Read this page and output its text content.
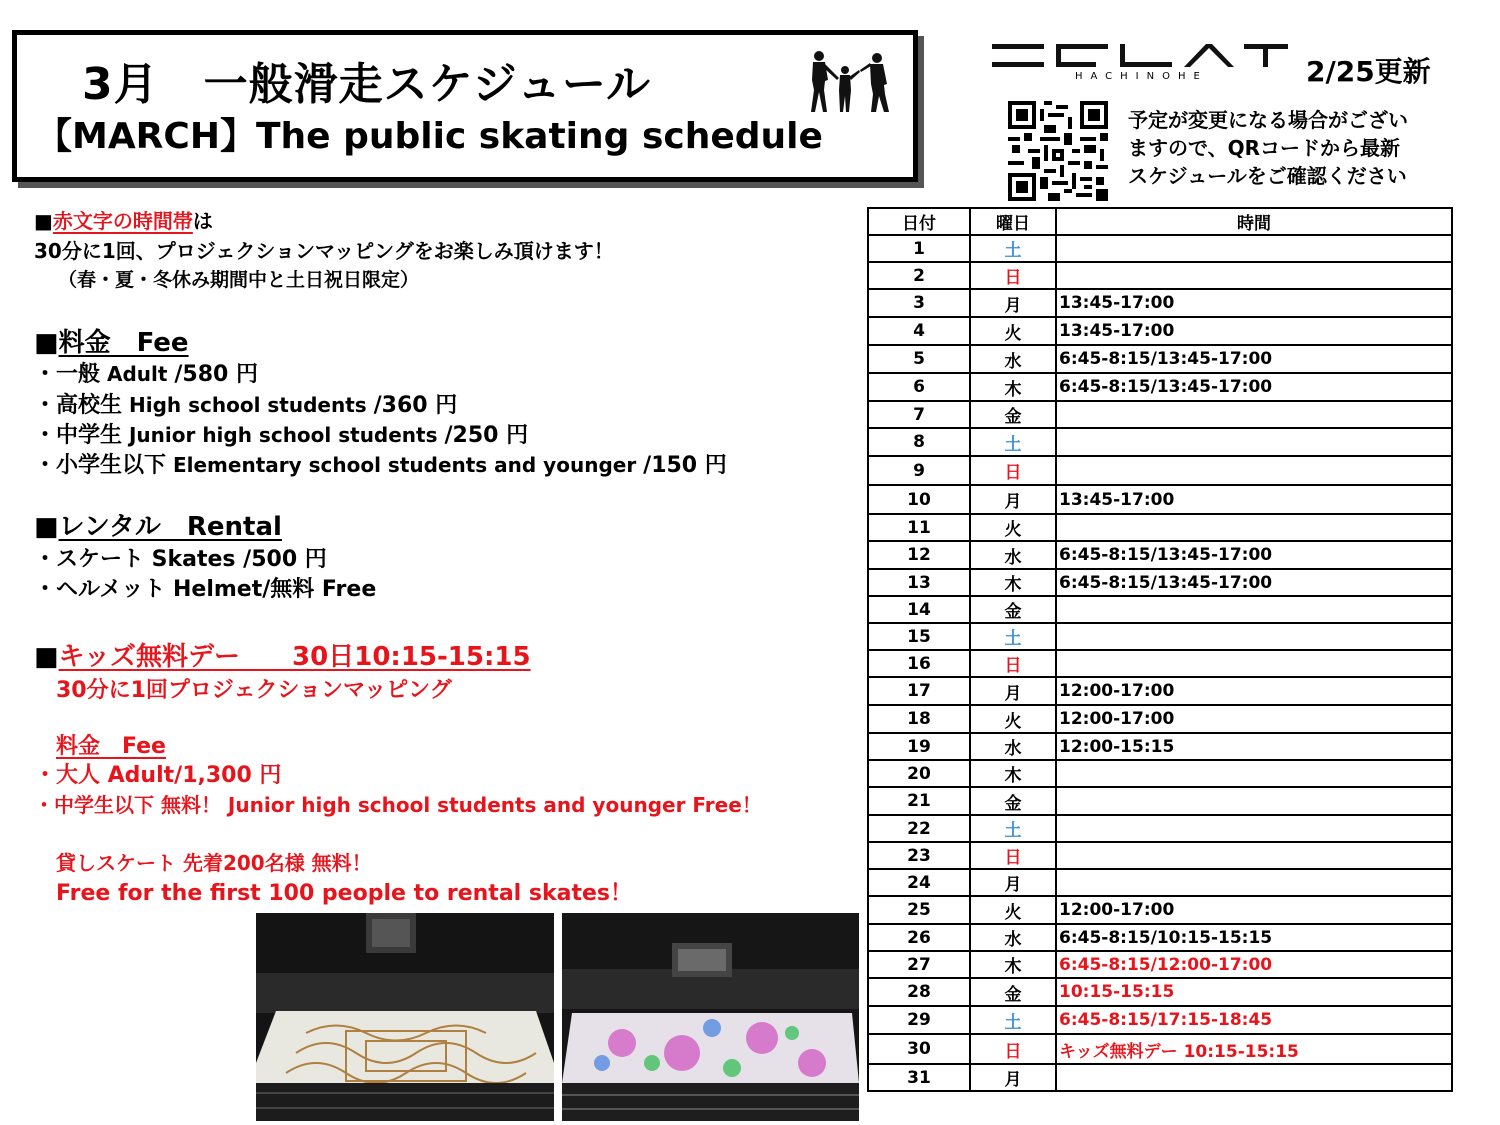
3月　一般滑走スケジュール
【MARCH】The public skating schedule
HACHINOHE	2/25更新
予定が変更になる場合がござい
ますので、QRコードから最新
スケジュールをご確認ください
■赤文字の時間帯は
30分に1回、プロジェクションマッピングをお楽しみ頂けます！
（春・夏・冬休み期間中と土日祝日限定）
■料金　Fee
・一般 Adult /580 円
・高校生 High school students /360 円
・中学生 Junior high school students /250 円
・小学生以下 Elementary school students and younger /150 円
■レンタル　Rental
・スケート Skates /500 円
・ヘルメット Helmet/無料 Free
■キッズ無料デー　　30日10:15-15:15
30分に1回プロジェクションマッピング
料金　Fee
・大人 Adult/1,300 円
・中学生以下 無料！ Junior high school students and younger Free！
貸しスケート 先着200名様 無料！
Free for the first 100 people to rental skates！
日付	曜日	時間
1	土	
2	日	
3	月	13:45-17:00
4	火	13:45-17:00
5	水	6:45-8:15/13:45-17:00
6	木	6:45-8:15/13:45-17:00
7	金	
8	土	
9	日	
10	月	13:45-17:00
11	火	
12	水	6:45-8:15/13:45-17:00
13	木	6:45-8:15/13:45-17:00
14	金	
15	土	
16	日	
17	月	12:00-17:00
18	火	12:00-17:00
19	水	12:00-15:15
20	木	
21	金	
22	土	
23	日	
24	月	
25	火	12:00-17:00
26	水	6:45-8:15/10:15-15:15
27	木	6:45-8:15/12:00-17:00
28	金	10:15-15:15
29	土	6:45-8:15/17:15-18:45
30	日	キッズ無料デー 10:15-15:15
31	月	
